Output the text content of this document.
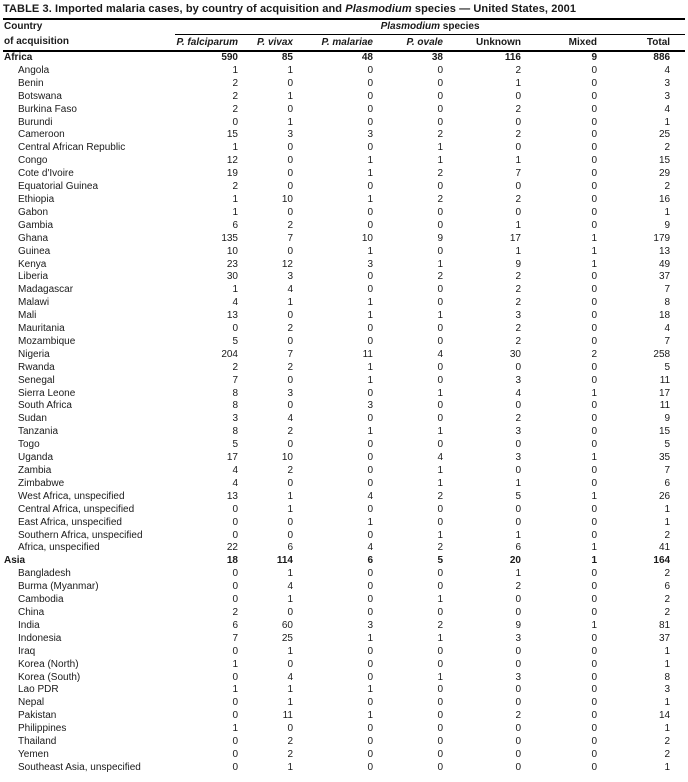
TABLE 3. Imported malaria cases, by country of acquisition and Plasmodium species — United States, 2001
Country
of acquisition	Plasmodium species						
	P. falciparum	P. vivax	P. malariae	P. ovale	Unknown	Mixed	Total
Africa	590	85	48	38	116	9	886
Angola	1	1	0	0	2	0	4
Benin	2	0	0	0	1	0	3
Botswana	2	1	0	0	0	0	3
Burkina Faso	2	0	0	0	2	0	4
Burundi	0	1	0	0	0	0	1
Cameroon	15	3	3	2	2	0	25
Central African Republic	1	0	0	1	0	0	2
Congo	12	0	1	1	1	0	15
Cote d'Ivoire	19	0	1	2	7	0	29
Equatorial Guinea	2	0	0	0	0	0	2
Ethiopia	1	10	1	2	2	0	16
Gabon	1	0	0	0	0	0	1
Gambia	6	2	0	0	1	0	9
Ghana	135	7	10	9	17	1	179
Guinea	10	0	1	0	1	1	13
Kenya	23	12	3	1	9	1	49
Liberia	30	3	0	2	2	0	37
Madagascar	1	4	0	0	2	0	7
Malawi	4	1	1	0	2	0	8
Mali	13	0	1	1	3	0	18
Mauritania	0	2	0	0	2	0	4
Mozambique	5	0	0	0	2	0	7
Nigeria	204	7	11	4	30	2	258
Rwanda	2	2	1	0	0	0	5
Senegal	7	0	1	0	3	0	11
Sierra Leone	8	3	0	1	4	1	17
South Africa	8	0	3	0	0	0	11
Sudan	3	4	0	0	2	0	9
Tanzania	8	2	1	1	3	0	15
Togo	5	0	0	0	0	0	5
Uganda	17	10	0	4	3	1	35
Zambia	4	2	0	1	0	0	7
Zimbabwe	4	0	0	1	1	0	6
West Africa, unspecified	13	1	4	2	5	1	26
Central Africa, unspecified	0	1	0	0	0	0	1
East Africa, unspecified	0	0	1	0	0	0	1
Southern Africa, unspecified	0	0	0	1	1	0	2
Africa, unspecified	22	6	4	2	6	1	41
Asia	18	114	6	5	20	1	164
Bangladesh	0	1	0	0	1	0	2
Burma (Myanmar)	0	4	0	0	2	0	6
Cambodia	0	1	0	1	0	0	2
China	2	0	0	0	0	0	2
India	6	60	3	2	9	1	81
Indonesia	7	25	1	1	3	0	37
Iraq	0	1	0	0	0	0	1
Korea (North)	1	0	0	0	0	0	1
Korea (South)	0	4	0	1	3	0	8
Lao PDR	1	1	1	0	0	0	3
Nepal	0	1	0	0	0	0	1
Pakistan	0	11	1	0	2	0	14
Philippines	1	0	0	0	0	0	1
Thailand	0	2	0	0	0	0	2
Yemen	0	2	0	0	0	0	2
Southeast Asia, unspecified	0	1	0	0	0	0	1
